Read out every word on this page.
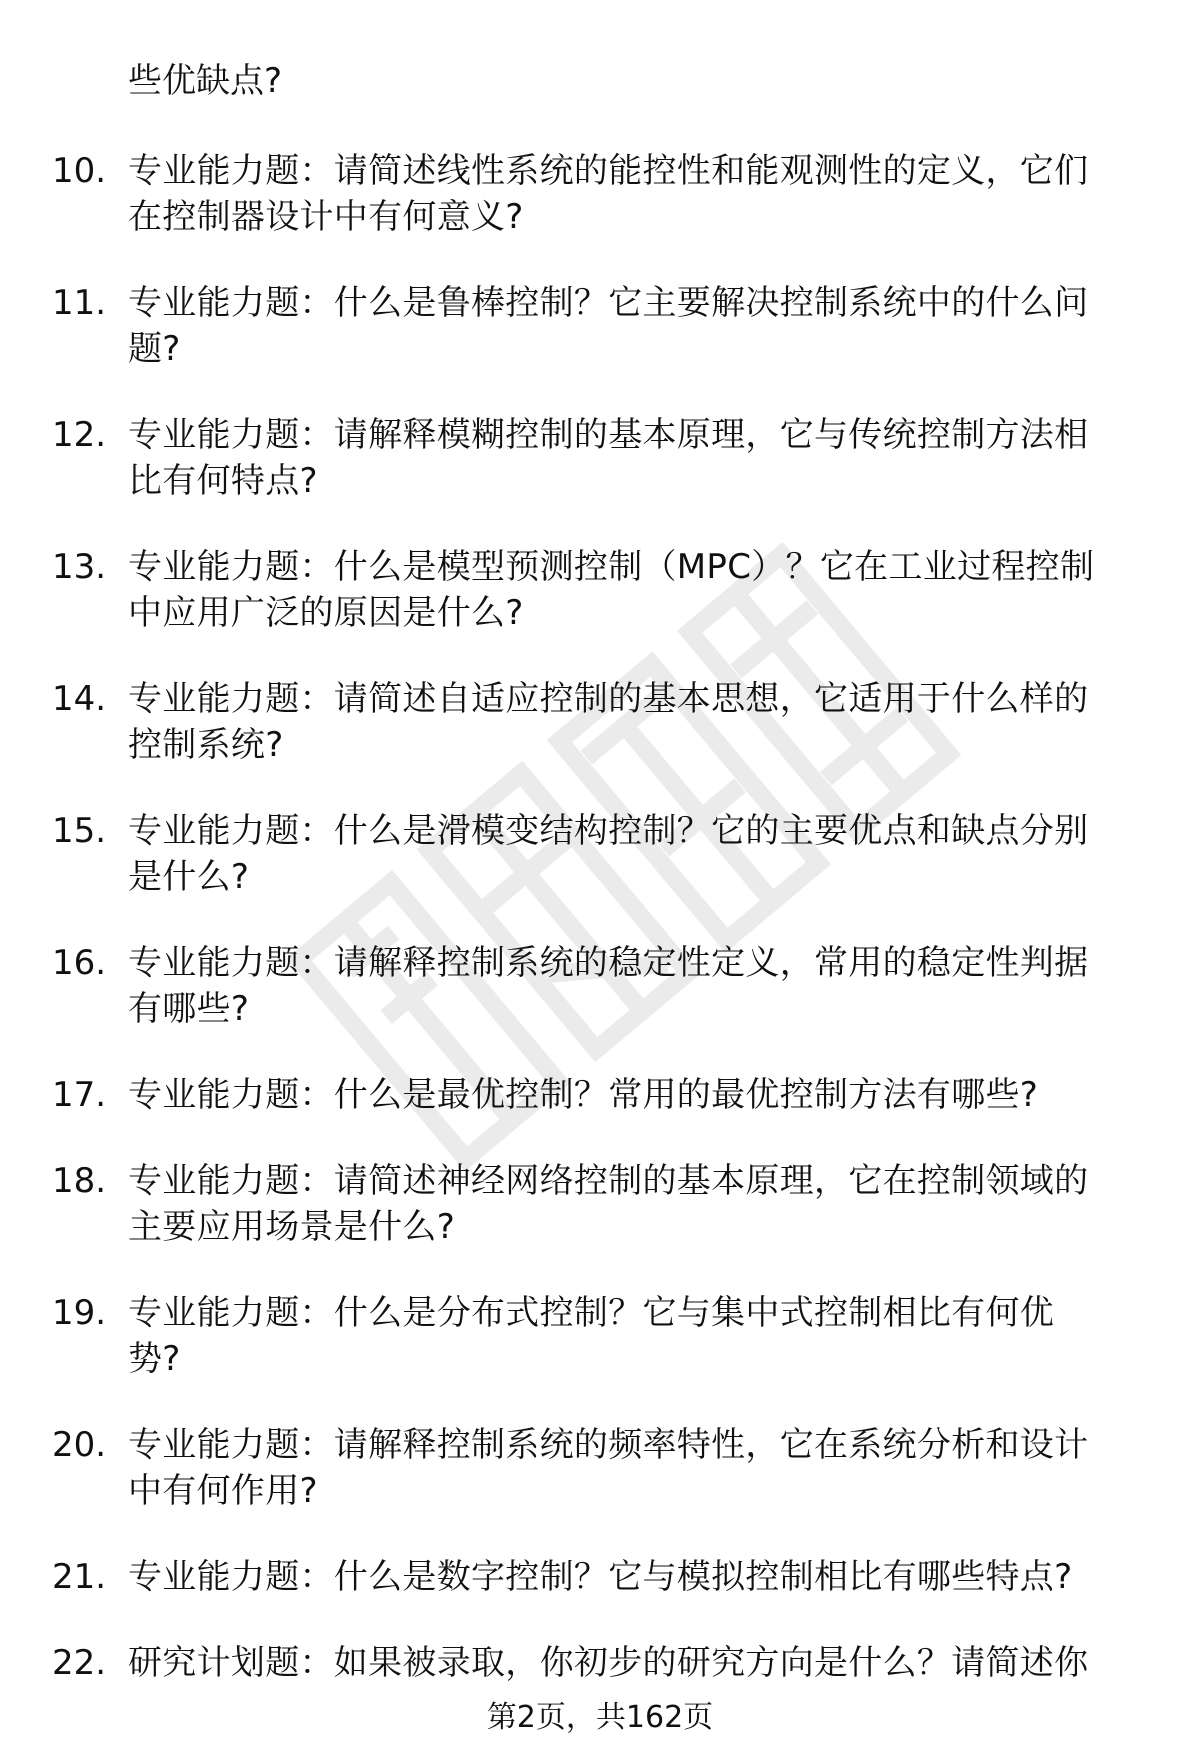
些优缺点?
10. 专业能力题：请简述线性系统的能控性和能观测性的定义，它们
在控制器设计中有何意义?
11. 专业能力题：什么是鲁棒控制？它主要解决控制系统中的什么问
题?
12. 专业能力题：请解释模糊控制的基本原理，它与传统控制方法相
比有何特点?
13. 专业能力题：什么是模型预测控制（MPC）？它在工业过程控制
中应用广泛的原因是什么?
14. 专业能力题：请简述自适应控制的基本思想，它适用于什么样的
控制系统?
15. 专业能力题：什么是滑模变结构控制？它的主要优点和缺点分别
是什么?
16. 专业能力题：请解释控制系统的稳定性定义，常用的稳定性判据
有哪些?
17. 专业能力题：什么是最优控制？常用的最优控制方法有哪些?
18. 专业能力题：请简述神经网络控制的基本原理，它在控制领域的
主要应用场景是什么?
19. 专业能力题：什么是分布式控制？它与集中式控制相比有何优
势?
20. 专业能力题：请解释控制系统的频率特性，它在系统分析和设计
中有何作用?
21. 专业能力题：什么是数字控制？它与模拟控制相比有哪些特点?
22. 研究计划题：如果被录取，你初步的研究方向是什么？请简述你
第2页，共162页
